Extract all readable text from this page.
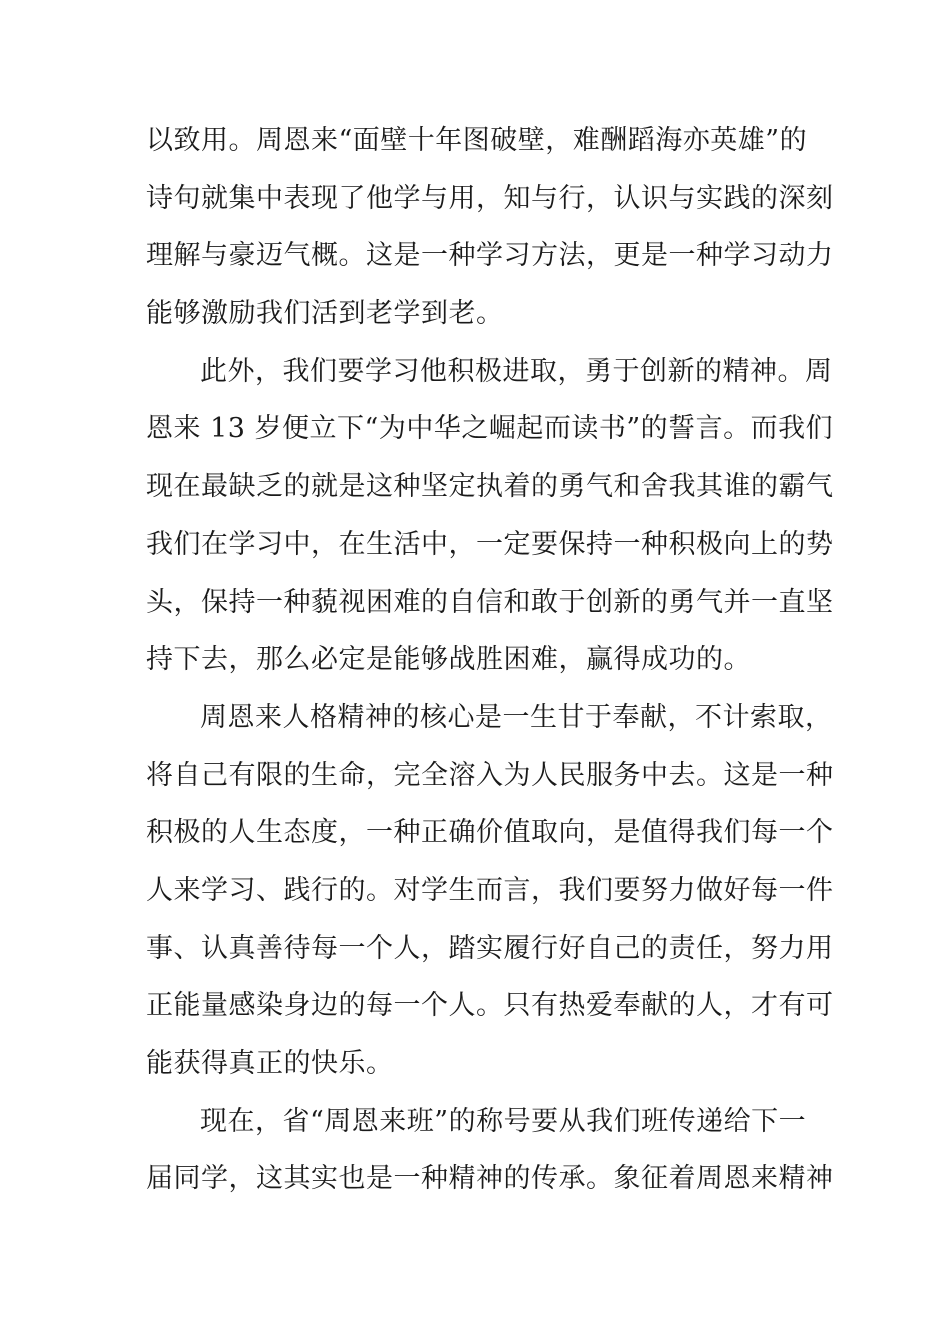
以致用。周恩来“面壁十年图破壁，难酬蹈海亦英雄”的
诗句就集中表现了他学与用，知与行，认识与实践的深刻
理解与豪迈气概。这是一种学习方法，更是一种学习动力
能够激励我们活到老学到老。
此外，我们要学习他积极进取，勇于创新的精神。周
恩来 13 岁便立下“为中华之崛起而读书”的誓言。而我们
现在最缺乏的就是这种坚定执着的勇气和舍我其谁的霸气
我们在学习中，在生活中，一定要保持一种积极向上的势
头，保持一种藐视困难的自信和敢于创新的勇气并一直坚
持下去，那么必定是能够战胜困难，赢得成功的。
周恩来人格精神的核心是一生甘于奉献，不计索取，
将自己有限的生命，完全溶入为人民服务中去。这是一种
积极的人生态度，一种正确价值取向，是值得我们每一个
人来学习、践行的。对学生而言，我们要努力做好每一件
事、认真善待每一个人，踏实履行好自己的责任，努力用
正能量感染身边的每一个人。只有热爱奉献的人，才有可
能获得真正的快乐。
现在，省“周恩来班”的称号要从我们班传递给下一
届同学，这其实也是一种精神的传承。象征着周恩来精神
